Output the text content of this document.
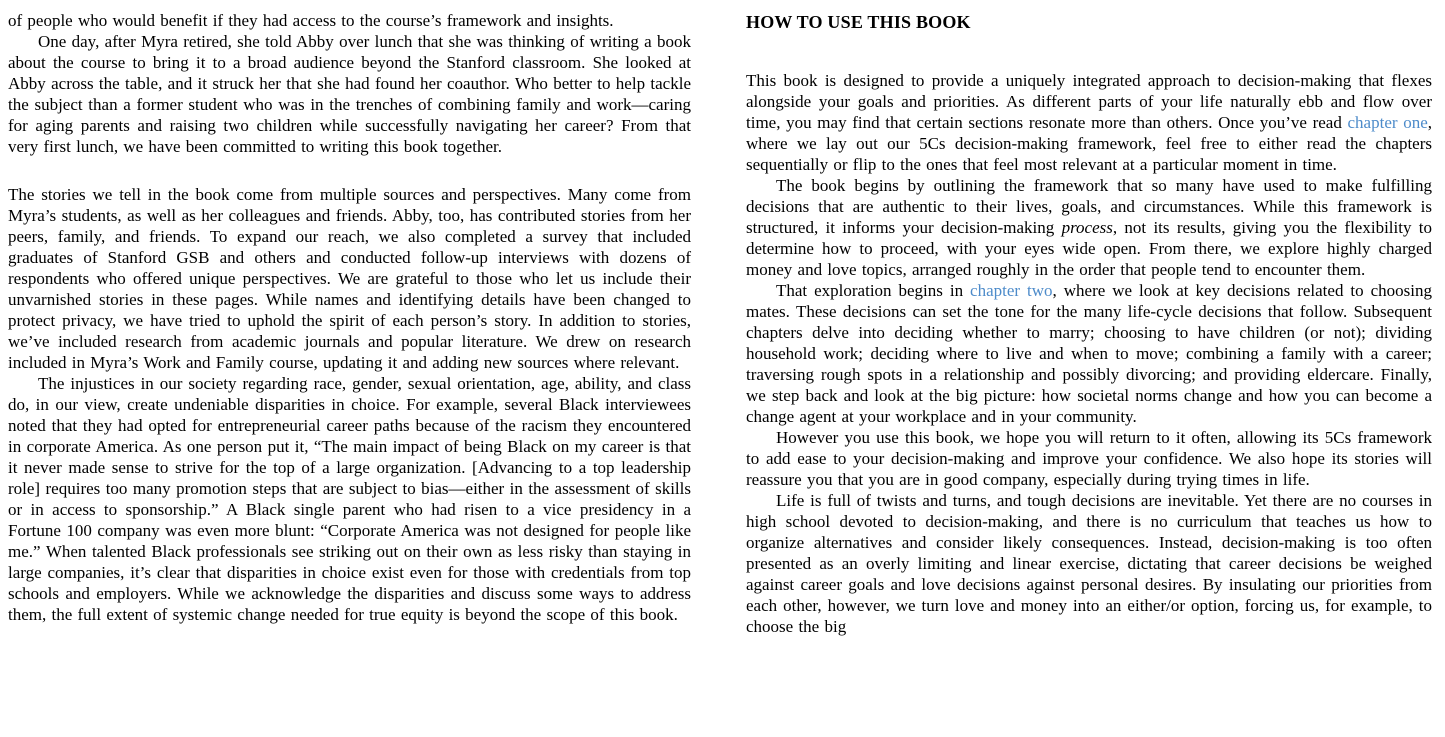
of people who would benefit if they had access to the course’s framework and insights.

One day, after Myra retired, she told Abby over lunch that she was thinking of writing a book about the course to bring it to a broad audience beyond the Stanford classroom. She looked at Abby across the table, and it struck her that she had found her coauthor. Who better to help tackle the subject than a former student who was in the trenches of combining family and work—caring for aging parents and raising two children while successfully navigating her career? From that very first lunch, we have been committed to writing this book together.

The stories we tell in the book come from multiple sources and perspectives. Many come from Myra’s students, as well as her colleagues and friends. Abby, too, has contributed stories from her peers, family, and friends. To expand our reach, we also completed a survey that included graduates of Stanford GSB and others and conducted follow-up interviews with dozens of respondents who offered unique perspectives. We are grateful to those who let us include their unvarnished stories in these pages. While names and identifying details have been changed to protect privacy, we have tried to uphold the spirit of each person’s story. In addition to stories, we’ve included research from academic journals and popular literature. We drew on research included in Myra’s Work and Family course, updating it and adding new sources where relevant.

The injustices in our society regarding race, gender, sexual orientation, age, ability, and class do, in our view, create undeniable disparities in choice. For example, several Black interviewees noted that they had opted for entrepreneurial career paths because of the racism they encountered in corporate America. As one person put it, “The main impact of being Black on my career is that it never made sense to strive for the top of a large organization. [Advancing to a top leadership role] requires too many promotion steps that are subject to bias—either in the assessment of skills or in access to sponsorship.” A Black single parent who had risen to a vice presidency in a Fortune 100 company was even more blunt: “Corporate America was not designed for people like me.” When talented Black professionals see striking out on their own as less risky than staying in large companies, it’s clear that disparities in choice exist even for those with credentials from top schools and employers. While we acknowledge the disparities and discuss some ways to address them, the full extent of systemic change needed for true equity is beyond the scope of this book.

HOW TO USE THIS BOOK

This book is designed to provide a uniquely integrated approach to decision-making that flexes alongside your goals and priorities. As different parts of your life naturally ebb and flow over time, you may find that certain sections resonate more than others. Once you’ve read chapter one, where we lay out our 5Cs decision-making framework, feel free to either read the chapters sequentially or flip to the ones that feel most relevant at a particular moment in time.

The book begins by outlining the framework that so many have used to make fulfilling decisions that are authentic to their lives, goals, and circumstances. While this framework is structured, it informs your decision-making process, not its results, giving you the flexibility to determine how to proceed, with your eyes wide open. From there, we explore highly charged money and love topics, arranged roughly in the order that people tend to encounter them.

That exploration begins in chapter two, where we look at key decisions related to choosing mates. These decisions can set the tone for the many life-cycle decisions that follow. Subsequent chapters delve into deciding whether to marry; choosing to have children (or not); dividing household work; deciding where to live and when to move; combining a family with a career; traversing rough spots in a relationship and possibly divorcing; and providing eldercare. Finally, we step back and look at the big picture: how societal norms change and how you can become a change agent at your workplace and in your community.

However you use this book, we hope you will return to it often, allowing its 5Cs framework to add ease to your decision-making and improve your confidence. We also hope its stories will reassure you that you are in good company, especially during trying times in life.

Life is full of twists and turns, and tough decisions are inevitable. Yet there are no courses in high school devoted to decision-making, and there is no curriculum that teaches us how to organize alternatives and consider likely consequences. Instead, decision-making is too often presented as an overly limiting and linear exercise, dictating that career decisions be weighed against career goals and love decisions against personal desires. By insulating our priorities from each other, however, we turn love and money into an either/or option, forcing us, for example, to choose the big
